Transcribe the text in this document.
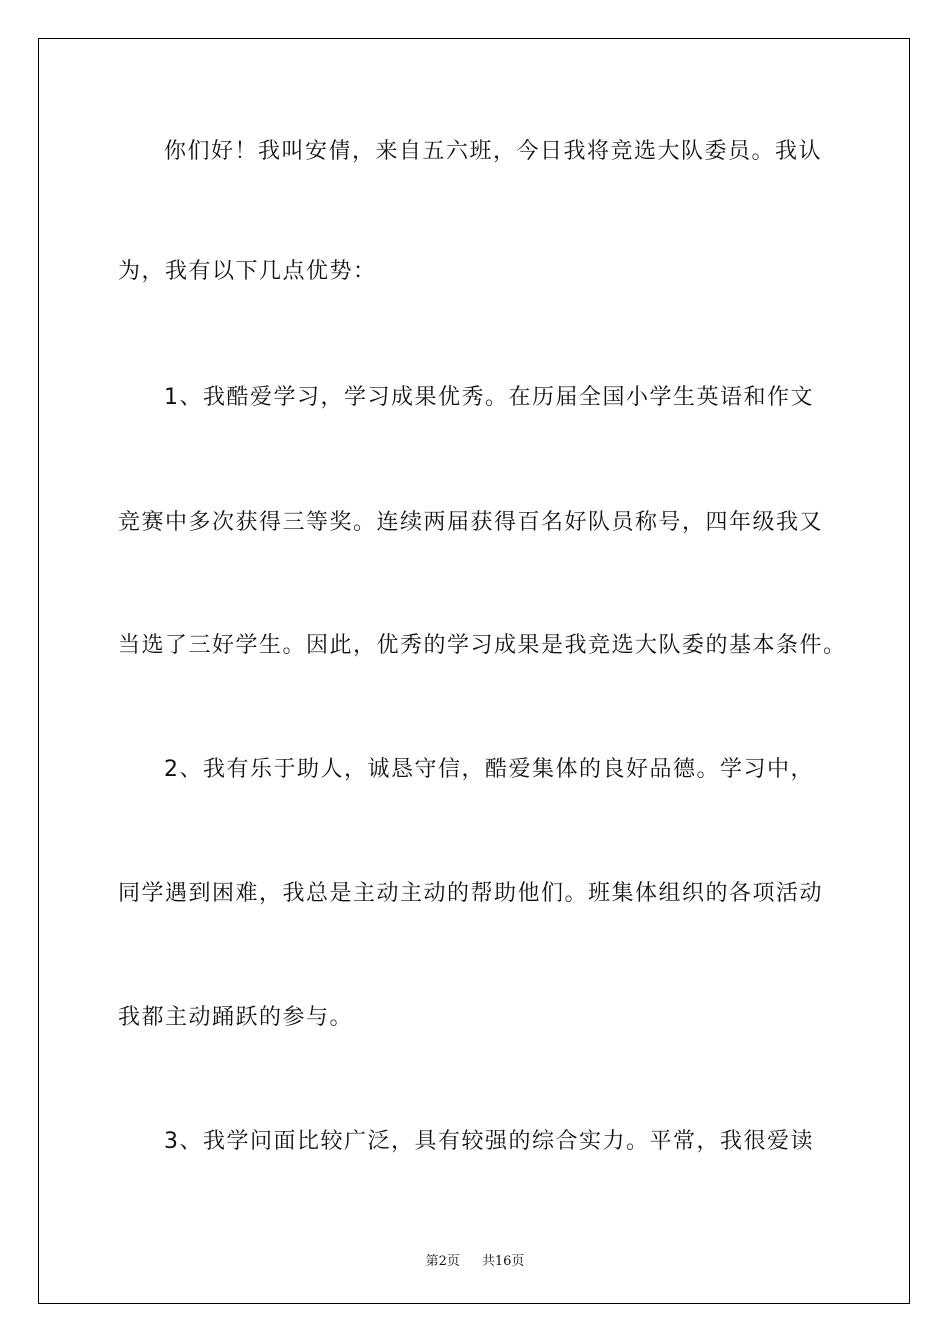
你们好！我叫安倩，来自五六班，今日我将竞选大队委员。我认

为，我有以下几点优势：

1、我酷爱学习，学习成果优秀。在历届全国小学生英语和作文

竞赛中多次获得三等奖。连续两届获得百名好队员称号，四年级我又

当选了三好学生。因此，优秀的学习成果是我竞选大队委的基本条件。

2、我有乐于助人，诚恳守信，酷爱集体的良好品德。学习中，

同学遇到困难，我总是主动主动的帮助他们。班集体组织的各项活动

我都主动踊跃的参与。

3、我学问面比较广泛，具有较强的综合实力。平常，我很爱读

第2页 共16页
